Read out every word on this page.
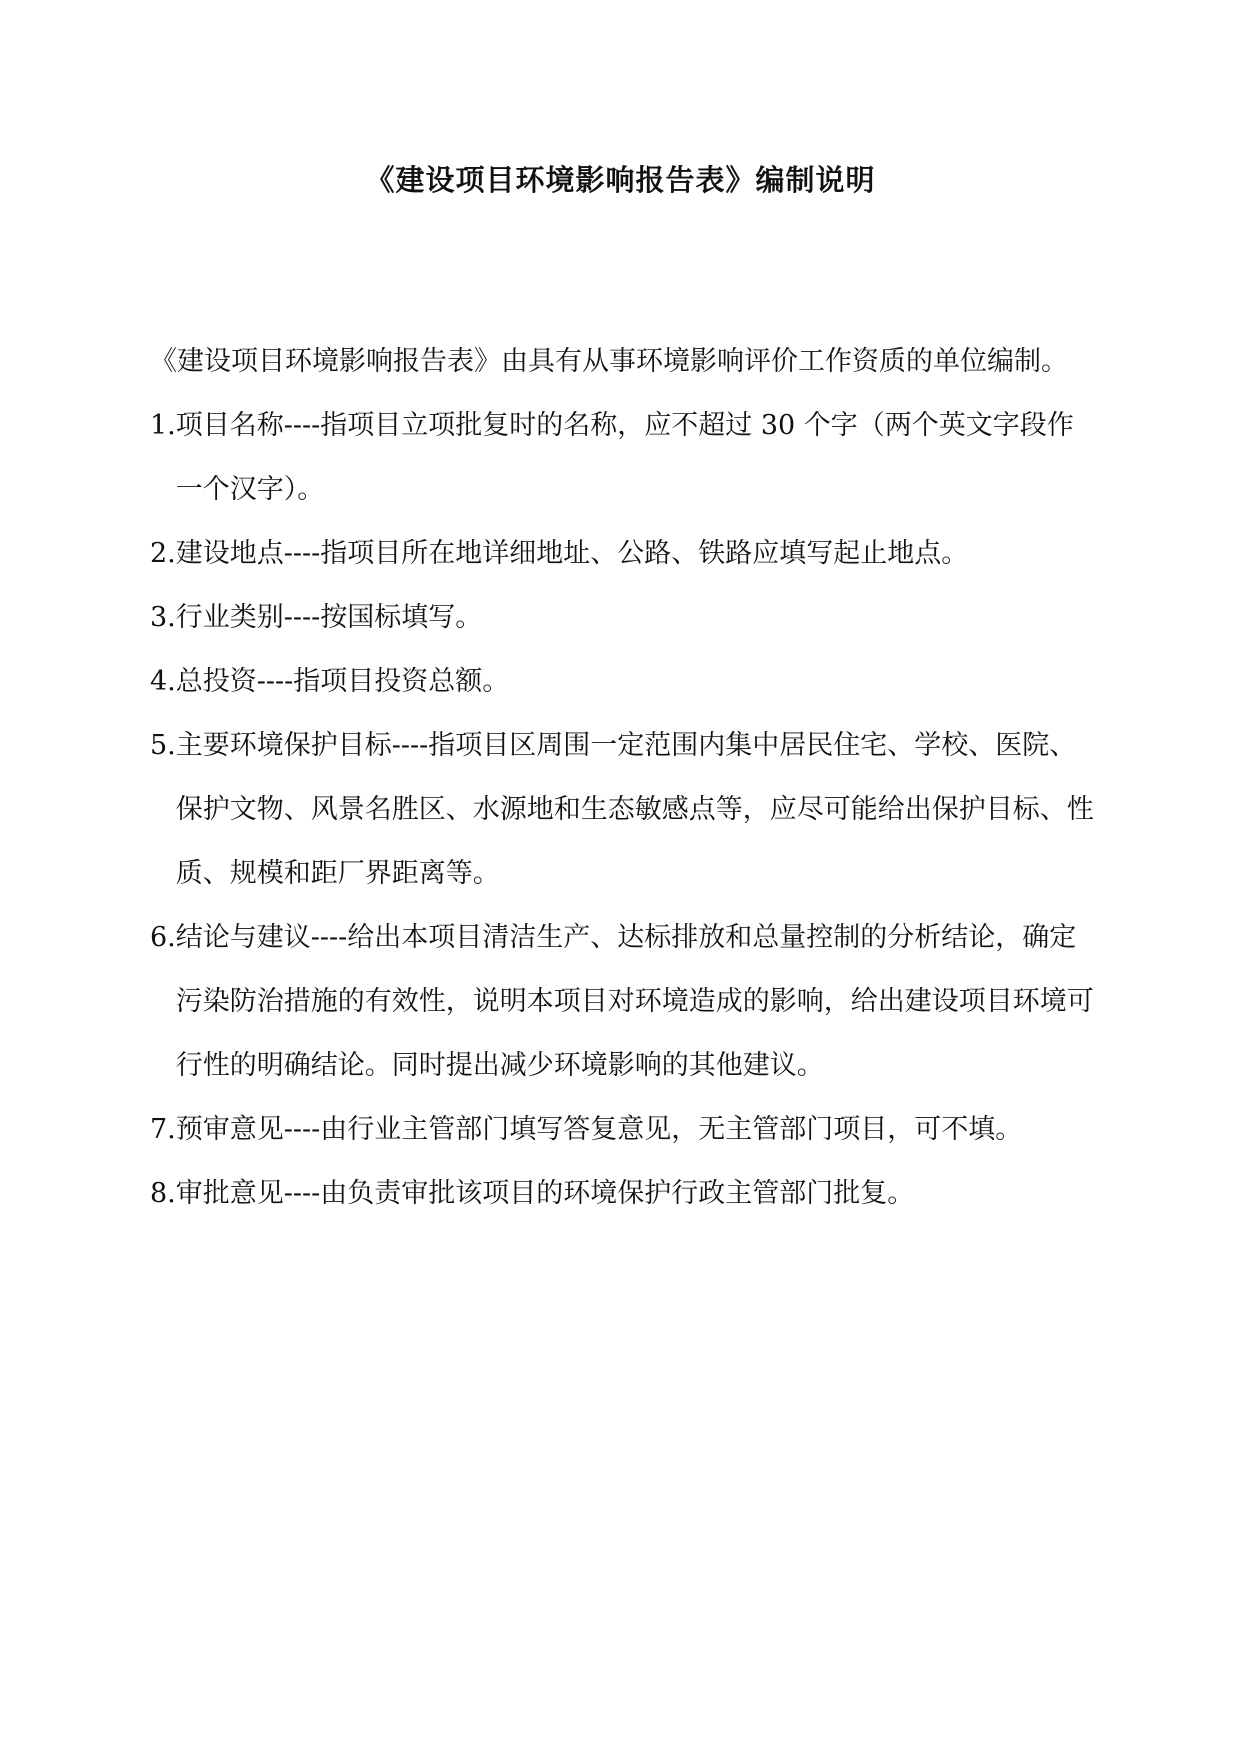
《建设项目环境影响报告表》编制说明

《建设项目环境影响报告表》由具有从事环境影响评价工作资质的单位编制。

1. 项目名称----指项目立项批复时的名称，应不超过 30 个字（两个英文字段作一个汉字）。
2. 建设地点----指项目所在地详细地址、公路、铁路应填写起止地点。
3. 行业类别----按国标填写。
4. 总投资----指项目投资总额。
5. 主要环境保护目标----指项目区周围一定范围内集中居民住宅、学校、医院、保护文物、风景名胜区、水源地和生态敏感点等，应尽可能给出保护目标、性质、规模和距厂界距离等。
6. 结论与建议----给出本项目清洁生产、达标排放和总量控制的分析结论，确定污染防治措施的有效性，说明本项目对环境造成的影响，给出建设项目环境可行性的明确结论。同时提出减少环境影响的其他建议。
7. 预审意见----由行业主管部门填写答复意见，无主管部门项目，可不填。
8. 审批意见----由负责审批该项目的环境保护行政主管部门批复。
